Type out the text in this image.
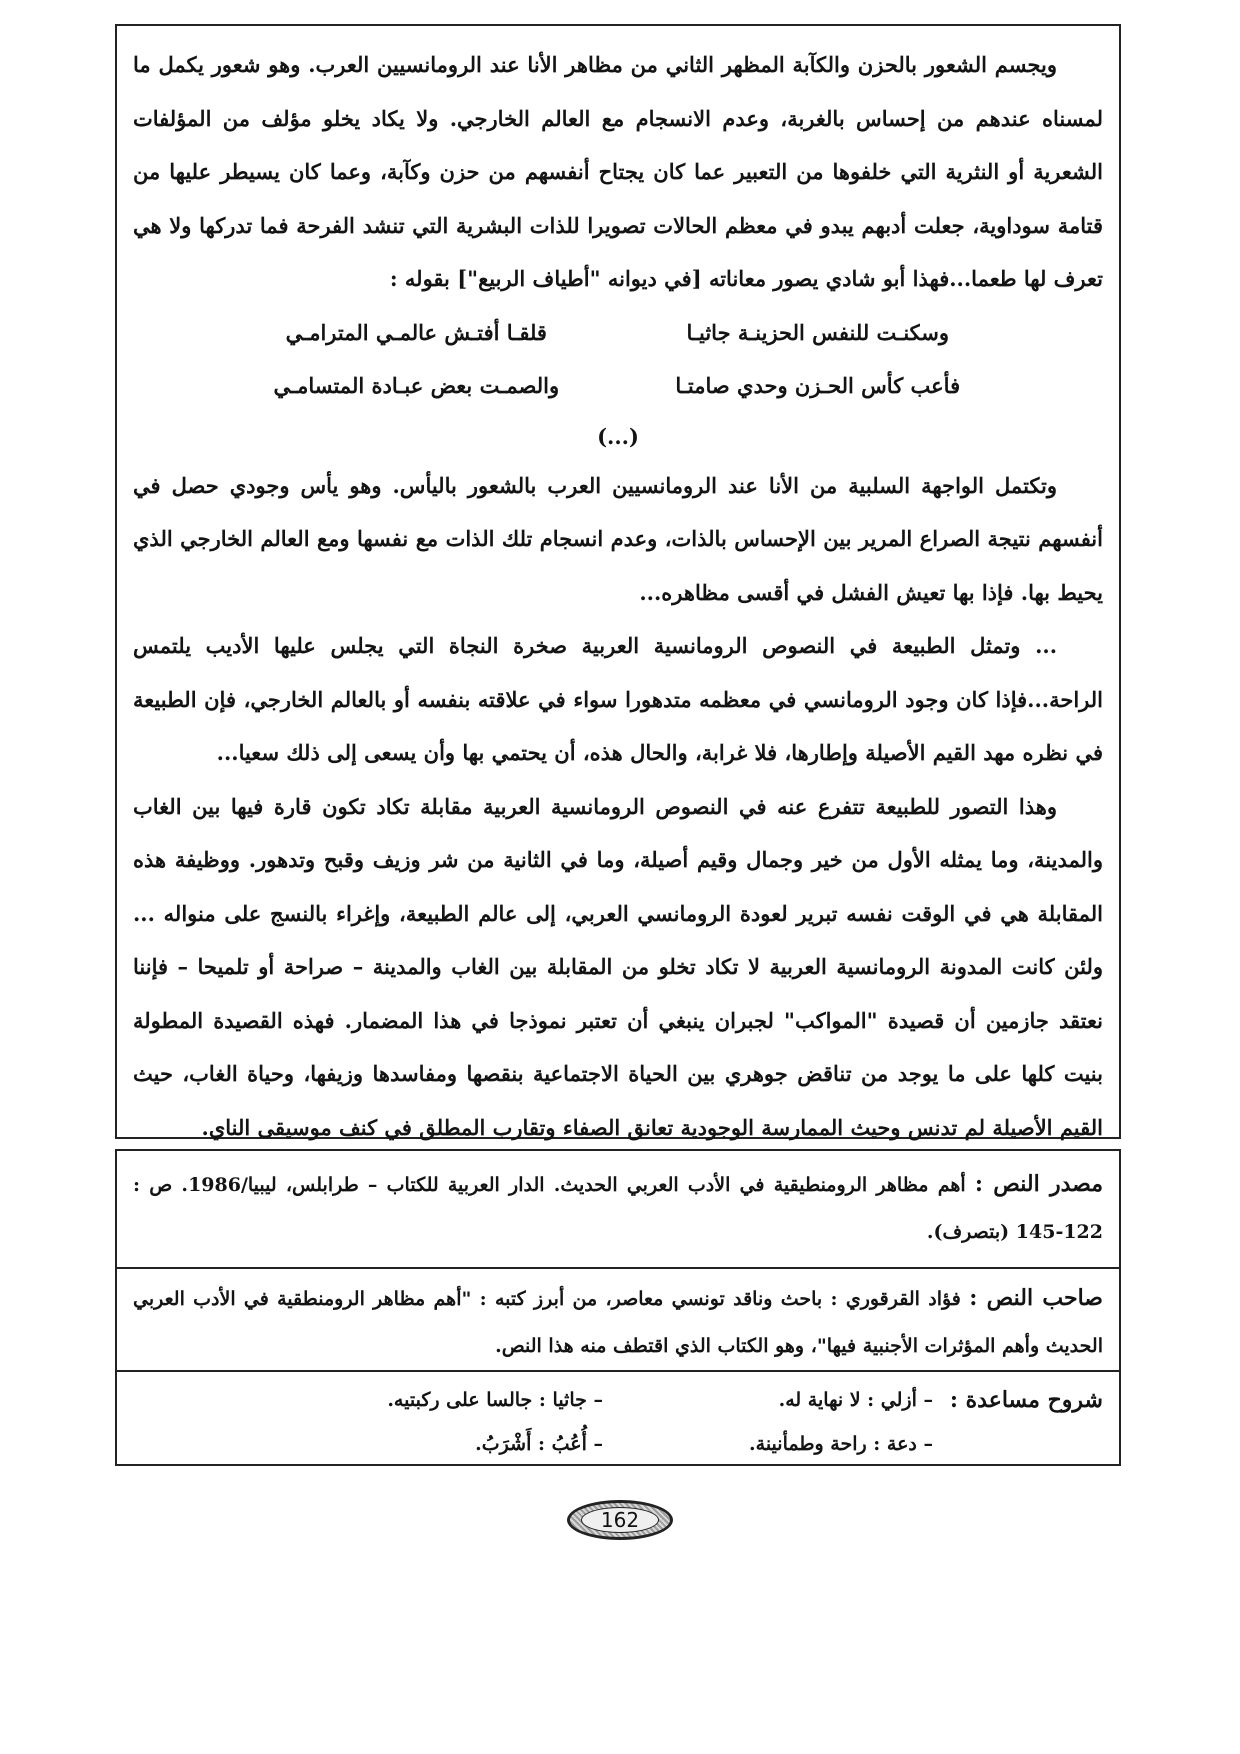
ويجسم الشعور بالحزن والكآبة المظهر الثاني من مظاهر الأنا عند الرومانسيين العرب. وهو شعور يكمل ما لمسناه عندهم من إحساس بالغربة، وعدم الانسجام مع العالم الخارجي. ولا يكاد يخلو مؤلف من المؤلفات الشعرية أو النثرية التي خلفوها من التعبير عما كان يجتاح أنفسهم من حزن وكآبة، وعما كان يسيطر عليها من قتامة سوداوية، جعلت أدبهم يبدو في معظم الحالات تصويرا للذات البشرية التي تنشد الفرحة فما تدركها ولا هي تعرف لها طعما...فهذا أبو شادي يصور معاناته [في ديوانه "أطياف الربيع"] بقوله :

وسكنـت للنفس الحزينـة جاثيـا
قلقـا أفتـش عالمـي المترامـي
فأعب كأس الحـزن وحدي صامتـا
والصمـت بعض عبـادة المتسامـي
(...)

وتكتمل الواجهة السلبية من الأنا عند الرومانسيين العرب بالشعور باليأس. وهو يأس وجودي حصل في أنفسهم نتيجة الصراع المرير بين الإحساس بالذات، وعدم انسجام تلك الذات مع نفسها ومع العالم الخارجي الذي يحيط بها. فإذا بها تعيش الفشل في أقسى مظاهره...

... وتمثل الطبيعة في النصوص الرومانسية العربية صخرة النجاة التي يجلس عليها الأديب يلتمس الراحة...فإذا كان وجود الرومانسي في معظمه متدهورا سواء في علاقته بنفسه أو بالعالم الخارجي، فإن الطبيعة في نظره مهد القيم الأصيلة وإطارها، فلا غرابة، والحال هذه، أن يحتمي بها وأن يسعى إلى ذلك سعيا...

وهذا التصور للطبيعة تتفرع عنه في النصوص الرومانسية العربية مقابلة تكاد تكون قارة فيها بين الغاب والمدينة، وما يمثله الأول من خير وجمال وقيم أصيلة، وما في الثانية من شر وزيف وقبح وتدهور. ووظيفة هذه المقابلة هي في الوقت نفسه تبرير لعودة الرومانسي العربي، إلى عالم الطبيعة، وإغراء بالنسج على منواله ... ولئن كانت المدونة الرومانسية العربية لا تكاد تخلو من المقابلة بين الغاب والمدينة – صراحة أو تلميحا – فإننا نعتقد جازمين أن قصيدة "المواكب" لجبران ينبغي أن تعتبر نموذجا في هذا المضمار. فهذه القصيدة المطولة بنيت كلها على ما يوجد من تناقض جوهري بين الحياة الاجتماعية بنقصها ومفاسدها وزيفها، وحياة الغاب، حيث القيم الأصيلة لم تدنس وحيث الممارسة الوجودية تعانق الصفاء وتقارب المطلق في كنف موسيقى الناي.

مصدر النص : أهم مظاهر الرومنطيقية في الأدب العربي الحديث. الدار العربية للكتاب – طرابلس، ليبيا/1986. ص : 122-145 (بتصرف).
صاحب النص : فؤاد القرقوري : باحث وناقد تونسي معاصر، من أبرز كتبه : "أهم مظاهر الرومنطقية في الأدب العربي الحديث وأهم المؤثرات الأجنبية فيها"، وهو الكتاب الذي اقتطف منه هذا النص.
شروح مساعدة :
– أزلي : لا نهاية له.
– جاثيا : جالسا على ركبتيه.
– دعة : راحة وطمأنينة.
– أُعُبُ : أَشْرَبُ.
162
